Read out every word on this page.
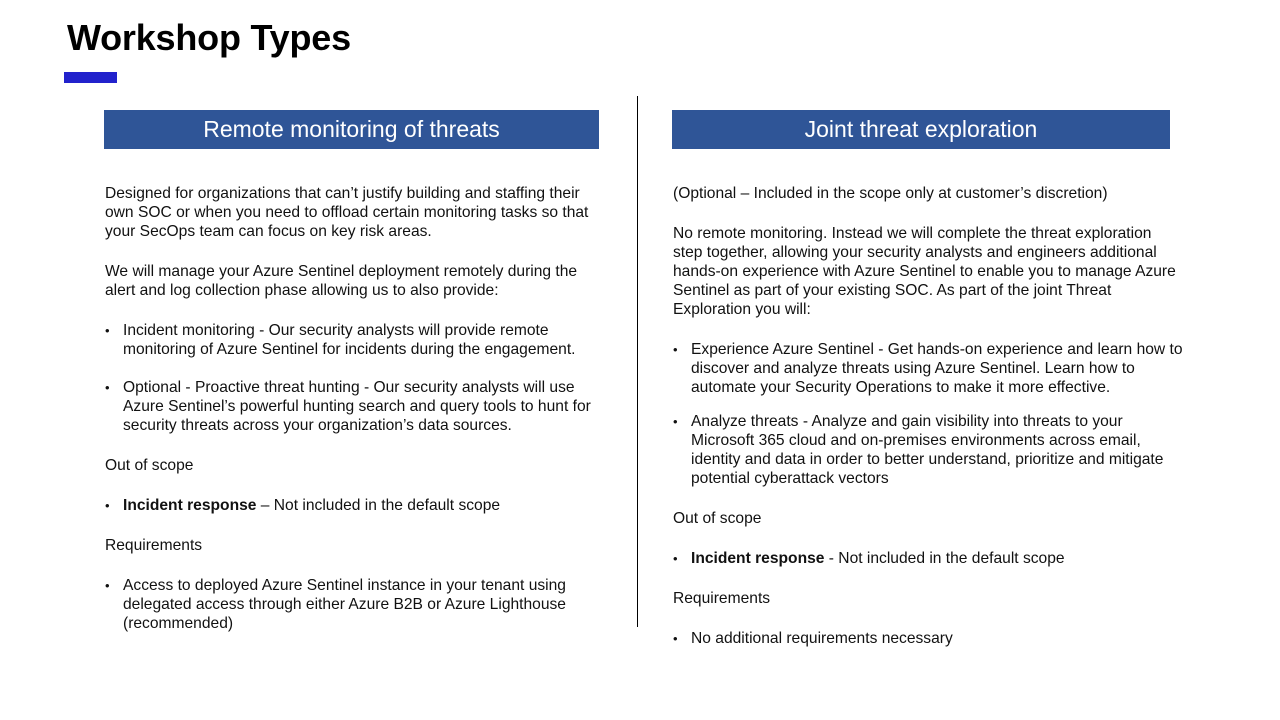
Workshop Types
Remote monitoring of threats

Designed for organizations that can’t justify building and staffing their own SOC or when you need to offload certain monitoring tasks so that your SecOps team can focus on key risk areas.

We will manage your Azure Sentinel deployment remotely during the alert and log collection phase allowing us to also provide:

• Incident monitoring - Our security analysts will provide remote monitoring of Azure Sentinel for incidents during the engagement.
• Optional - Proactive threat hunting - Our security analysts will use Azure Sentinel’s powerful hunting search and query tools to hunt for security threats across your organization’s data sources.

Out of scope

• Incident response – Not included in the default scope

Requirements

• Access to deployed Azure Sentinel instance in your tenant using delegated access through either Azure B2B or Azure Lighthouse (recommended)
Joint threat exploration

(Optional – Included in the scope only at customer’s discretion)

No remote monitoring. Instead we will complete the threat exploration step together, allowing your security analysts and engineers additional hands-on experience with Azure Sentinel to enable you to manage Azure Sentinel as part of your existing SOC. As part of the joint Threat Exploration you will:

• Experience Azure Sentinel - Get hands-on experience and learn how to discover and analyze threats using Azure Sentinel. Learn how to automate your Security Operations to make it more effective.
• Analyze threats - Analyze and gain visibility into threats to your Microsoft 365 cloud and on-premises environments across email, identity and data in order to better understand, prioritize and mitigate potential cyberattack vectors

Out of scope

• Incident response - Not included in the default scope

Requirements

• No additional requirements necessary
